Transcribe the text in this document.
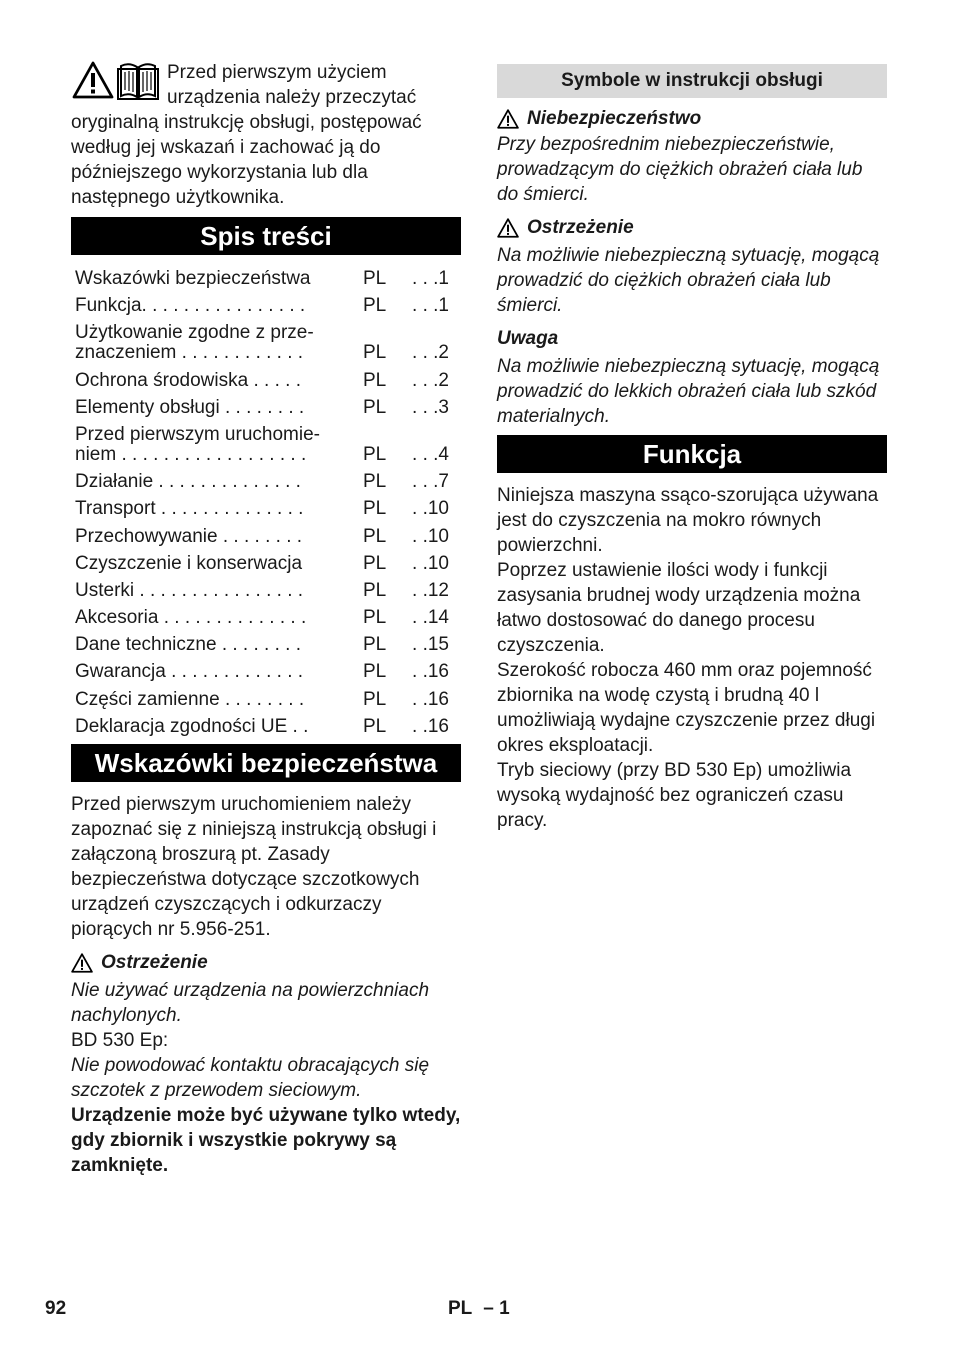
Przed pierwszym użyciem urządzenia należy przeczytać oryginalną instrukcję obsługi, postępować według jej wskazań i zachować ją do późniejszego wykorzystania lub dla następnego użytkownika.

Spis treści
Wskazówki bezpieczeństwa	PL	. . .1
Funkcja. . . . . . . . . . . . . . . .	PL	. . .1
Użytkowanie zgodne z prze-
znaczeniem . . . . . . . . . . . .	PL	. . .2
Ochrona środowiska . . . . .	PL	. . .2
Elementy obsługi . . . . . . . .	PL	. . .3
Przed pierwszym uruchomie-
niem . . . . . . . . . . . . . . . . . .	PL	. . .4
Działanie . . . . . . . . . . . . . .	PL	. . .7
Transport . . . . . . . . . . . . . .	PL	. .10
Przechowywanie . . . . . . . .	PL	. .10
Czyszczenie i konserwacja	PL	. .10
Usterki . . . . . . . . . . . . . . . .	PL	. .12
Akcesoria . . . . . . . . . . . . . .	PL	. .14
Dane techniczne . . . . . . . .	PL	. .15
Gwarancja . . . . . . . . . . . . .	PL	. .16
Części zamienne . . . . . . . .	PL	. .16
Deklaracja zgodności UE . .	PL	. .16
Wskazówki bezpieczeństwa

Przed pierwszym uruchomieniem należy zapoznać się z niniejszą instrukcją obsługi i załączoną broszurą pt. Zasady bezpieczeństwa dotyczące szczotkowych urządzeń czyszczących i odkurzaczy piorących nr 5.956-251.

Ostrzeżenie

Nie używać urządzenia na powierzchniach nachylonych.

BD 530 Ep:

Nie powodować kontaktu obracających się szczotek z przewodem sieciowym.

Urządzenie może być używane tylko wtedy, gdy zbiornik i wszystkie pokrywy są zamknięte.

Symbole w instrukcji obsługi
Niebezpieczeństwo

Przy bezpośrednim niebezpieczeństwie, prowadzącym do ciężkich obrażeń ciała lub do śmierci.

Ostrzeżenie

Na możliwie niebezpieczną sytuację, mogącą prowadzić do ciężkich obrażeń ciała lub śmierci.

Uwaga

Na możliwie niebezpieczną sytuację, mogącą prowadzić do lekkich obrażeń ciała lub szkód materialnych.

Funkcja

Niniejsza maszyna ssąco-szorująca używana jest do czyszczenia na mokro równych powierzchni.

Poprzez ustawienie ilości wody i funkcji zasysania brudnej wody urządzenia można łatwo dostosować do danego procesu czyszczenia.

Szerokość robocza 460 mm oraz pojemność zbiornika na wodę czystą i brudną 40 l umożliwiają wydajne czyszczenie przez długi okres eksploatacji.

Tryb sieciowy (przy BD 530 Ep) umożliwia wysoką wydajność bez ograniczeń czasu pracy.

92	PL – 1
